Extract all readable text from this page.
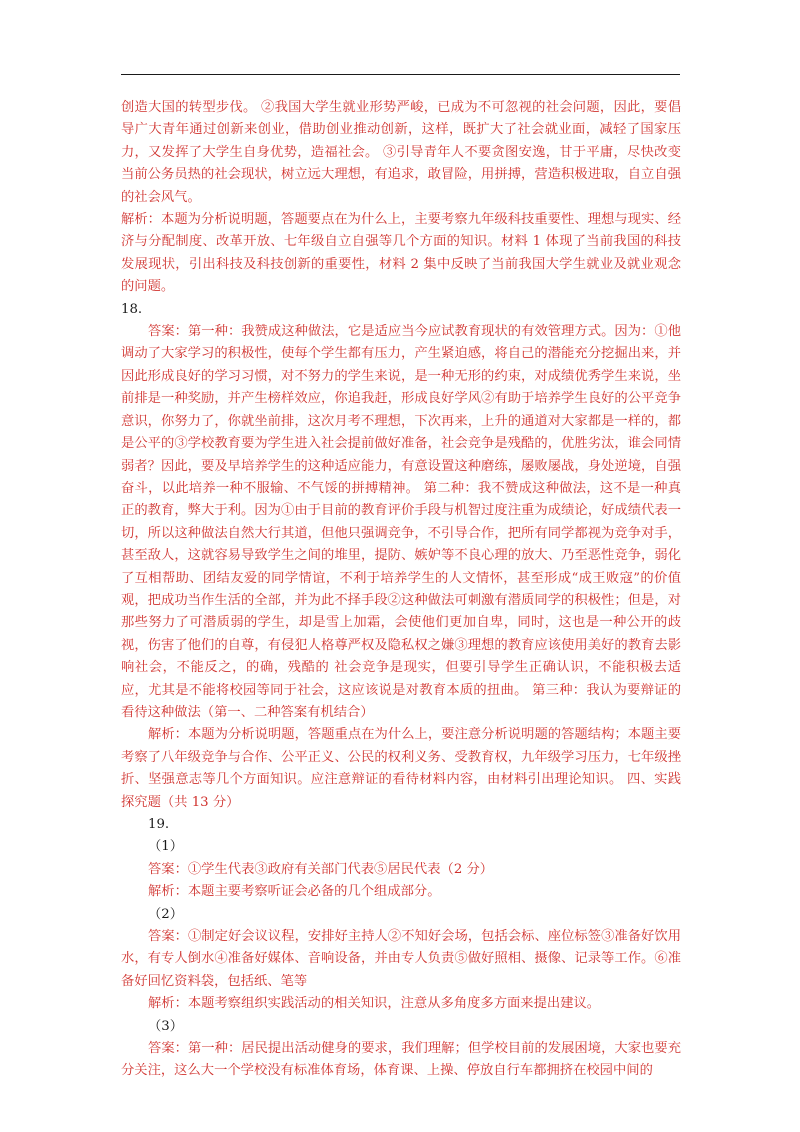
创造大国的转型步伐。 ②我国大学生就业形势严峻，已成为不可忽视的社会问题，因此，要倡导广大青年通过创新来创业，借助创业推动创新，这样，既扩大了社会就业面，减轻了国家压力，又发挥了大学生自身优势，造福社会。 ③引导青年人不要贪图安逸，甘于平庸，尽快改变当前公务员热的社会现状，树立远大理想，有追求，敢冒险，用拼搏，营造积极进取，自立自强的社会风气。

解析：本题为分析说明题，答题要点在为什么上，主要考察九年级科技重要性、理想与现实、经济与分配制度、改革开放、七年级自立自强等几个方面的知识。材料 1 体现了当前我国的科技发展现状，引出科技及科技创新的重要性，材料 2 集中反映了当前我国大学生就业及就业观念的问题。

18.

答案：第一种：我赞成这种做法，它是适应当今应试教育现状的有效管理方式。因为：①他调动了大家学习的积极性，使每个学生都有压力，产生紧迫感，将自己的潜能充分挖掘出来，并因此形成良好的学习习惯，对不努力的学生来说，是一种无形的约束，对成绩优秀学生来说，坐前排是一种奖励，并产生榜样效应，你追我赶，形成良好学风②有助于培养学生良好的公平竞争意识，你努力了，你就坐前排，这次月考不理想，下次再来，上升的通道对大家都是一样的，都是公平的③学校教育要为学生进入社会提前做好准备，社会竞争是残酷的，优胜劣汰，谁会同情弱者？因此，要及早培养学生的这种适应能力，有意设置这种磨练，屡败屡战，身处逆境，自强奋斗，以此培养一种不服输、不气馁的拼搏精神。 第二种：我不赞成这种做法，这不是一种真正的教育，弊大于利。因为①由于目前的教育评价手段与机智过度注重为成绩论，好成绩代表一切，所以这种做法自然大行其道，但他只强调竞争，不引导合作，把所有同学都视为竞争对手，甚至敌人，这就容易导致学生之间的堆里，提防、嫉妒等不良心理的放大、乃至恶性竞争，弱化了互相帮助、团结友爱的同学情谊，不利于培养学生的人文情怀，甚至形成“成王败寇”的价值观，把成功当作生活的全部，并为此不择手段②这种做法可刺激有潜质同学的积极性；但是，对那些努力了可潜质弱的学生，却是雪上加霜，会使他们更加自卑，同时，这也是一种公开的歧视，伤害了他们的自尊，有侵犯人格尊严权及隐私权之嫌③理想的教育应该使用美好的教育去影响社会，不能反之，的确，残酷的 社会竞争是现实，但要引导学生正确认识，不能积极去适应，尤其是不能将校园等同于社会，这应该说是对教育本质的扭曲。 第三种：我认为要辩证的看待这种做法（第一、二种答案有机结合）

解析：本题为分析说明题，答题重点在为什么上，要注意分析说明题的答题结构；本题主要考察了八年级竞争与合作、公平正义、公民的权利义务、受教育权，九年级学习压力，七年级挫折、坚强意志等几个方面知识。应注意辩证的看待材料内容，由材料引出理论知识。 四、实践探究题（共 13 分）

19.

（1）

答案：①学生代表③政府有关部门代表⑤居民代表（2 分）

解析：本题主要考察听证会必备的几个组成部分。

（2）

答案：①制定好会议议程，安排好主持人②不知好会场，包括会标、座位标签③准备好饮用水，有专人倒水④准备好媒体、音响设备，并由专人负责⑤做好照相、摄像、记录等工作。⑥准备好回忆资料袋，包括纸、笔等

解析：本题考察组织实践活动的相关知识，注意从多角度多方面来提出建议。

（3）

答案：第一种：居民提出活动健身的要求，我们理解；但学校目前的发展困境，大家也要充分关注，这么大一个学校没有标准体育场，体育课、上操、停放自行车都拥挤在校园中间的
